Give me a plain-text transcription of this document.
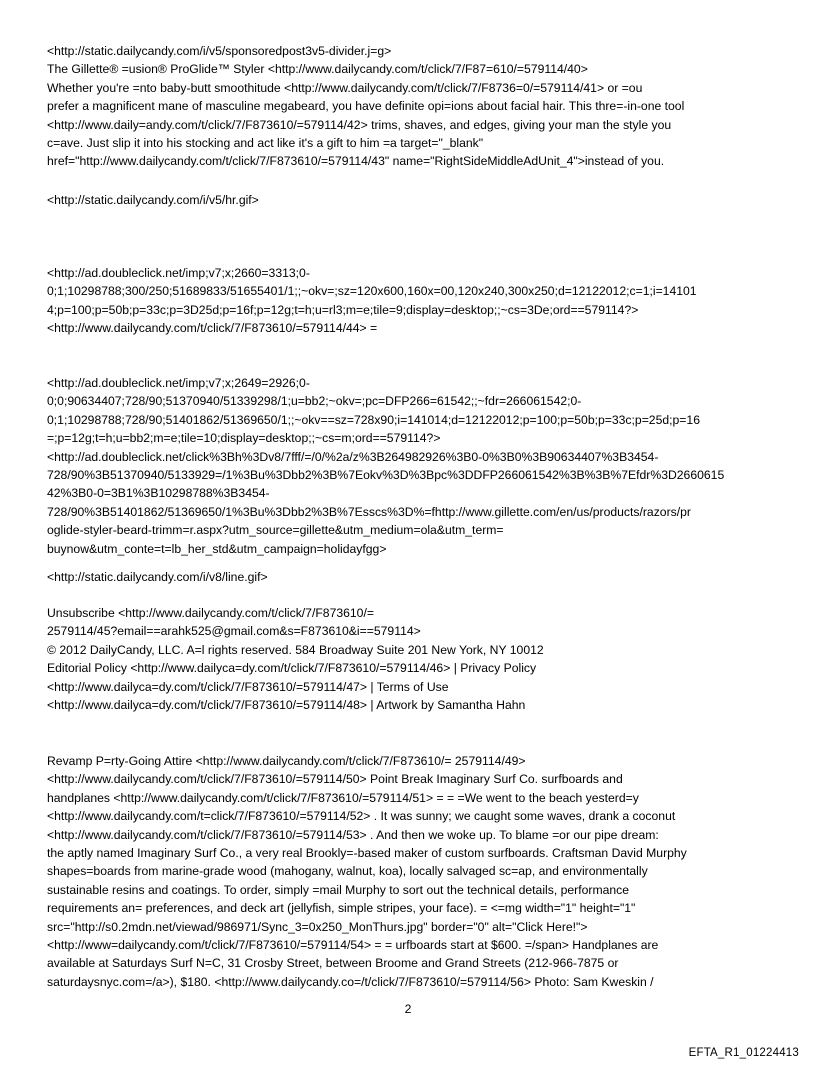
<http://static.dailycandy.com/i/v5/sponsoredpost3v5-divider.j=g>
The Gillette® =usion® ProGlide™ Styler <http://www.dailycandy.com/t/click/7/F87=610/=579114/40>
Whether you're =nto baby-butt smoothitude <http://www.dailycandy.com/t/click/7/F8736=0/=579114/41> or =ou
prefer a magnificent mane of masculine megabeard, you have definite opi=ions about facial hair. This thre=-in-one tool
<http://www.daily=andy.com/t/click/7/F873610/=579114/42> trims, shaves, and edges, giving your man the style you
c=ave. Just slip it into his stocking and act like it's a gift to him =a target="_blank"
href="http://www.dailycandy.com/t/click/7/F873610/=579114/43" name="RightSideMiddleAdUnit_4">instead of you.
<http://static.dailycandy.com/i/v5/hr.gif>
<http://ad.doubleclick.net/imp;v7;x;2660=3313;0-
0;1;10298788;300/250;51689833/51655401/1;;~okv=;sz=120x600,160x=00,120x240,300x250;d=12122012;c=1;i=14101
4;p=100;p=50b;p=33c;p=3D25d;p=16f;p=12g;t=h;u=rl3;m=e;tile=9;display=desktop;;~cs=3De;ord==579114?>
<http://www.dailycandy.com/t/click/7/F873610/=579114/44> =
<http://ad.doubleclick.net/imp;v7;x;2649=2926;0-
0;0;90634407;728/90;51370940/51339298/1;u=bb2;~okv=;pc=DFP266=61542;;~fdr=266061542;0-
0;1;10298788;728/90;51401862/51369650/1;;~okv==sz=728x90;i=141014;d=12122012;p=100;p=50b;p=33c;p=25d;p=16
=;p=12g;t=h;u=bb2;m=e;tile=10;display=desktop;;~cs=m;ord==579114?>
<http://ad.doubleclick.net/click%3Bh%3Dv8/7fff/=/0/%2a/z%3B264982926%3B0-0%3B0%3B90634407%3B3454-
728/90%3B51370940/5133929=/1%3Bu%3Dbb2%3B%7Eokv%3D%3Bpc%3DDFP266061542%3B%3B%7Efdr%3D2660615
42%3B0-0=3B1%3B10298788%3B3454-
728/90%3B51401862/51369650/1%3Bu%3Dbb2%3B%7Esscs%3D%=fhttp://www.gillette.com/en/us/products/razors/pr
oglide-styler-beard-trimm=r.aspx?utm_source=gillette&utm_medium=ola&utm_term=
buynow&utm_conte=t=lb_her_std&utm_campaign=holidayfgg>
<http://static.dailycandy.com/i/v8/line.gif>
Unsubscribe <http://www.dailycandy.com/t/click/7/F873610/=
2579114/45?email==arahk525@gmail.com&s=F873610&i==579114>
© 2012 DailyCandy, LLC. A=l rights reserved. 584 Broadway Suite 201 New York, NY 10012
Editorial Policy <http://www.dailyca=dy.com/t/click/7/F873610/=579114/46> | Privacy Policy
<http://www.dailyca=dy.com/t/click/7/F873610/=579114/47> | Terms of Use
<http://www.dailyca=dy.com/t/click/7/F873610/=579114/48> | Artwork by Samantha Hahn
Revamp P=rty-Going Attire <http://www.dailycandy.com/t/click/7/F873610/= 2579114/49>
<http://www.dailycandy.com/t/click/7/F873610/=579114/50> Point Break Imaginary Surf Co. surfboards and
handplanes <http://www.dailycandy.com/t/click/7/F873610/=579114/51> = = =We went to the beach yesterd=y
<http://www.dailycandy.com/t=click/7/F873610/=579114/52> . It was sunny; we caught some waves, drank a coconut
<http://www.dailycandy.com/t/click/7/F873610/=579114/53> . And then we woke up. To blame =or our pipe dream:
the aptly named Imaginary Surf Co., a very real Brookly=-based maker of custom surfboards. Craftsman David Murphy
shapes=boards from marine-grade wood (mahogany, walnut, koa), locally salvaged sc=ap, and environmentally
sustainable resins and coatings. To order, simply =mail Murphy to sort out the technical details, performance
requirements an= preferences, and deck art (jellyfish, simple stripes, your face). = <=mg width="1" height="1"
src="http://s0.2mdn.net/viewad/986971/Sync_3=0x250_MonThurs.jpg" border="0" alt="Click Here!">
<http://www=dailycandy.com/t/click/7/F873610/=579114/54> = = urfboards start at $600. =/span> Handplanes are
available at Saturdays Surf N=C, 31 Crosby Street, between Broome and Grand Streets (212-966-7875 or
saturdaysnyc.com=/a>), $180. <http://www.dailycandy.co=/t/click/7/F873610/=579114/56> Photo: Sam Kweskin /
2
EFTA_R1_01224413
